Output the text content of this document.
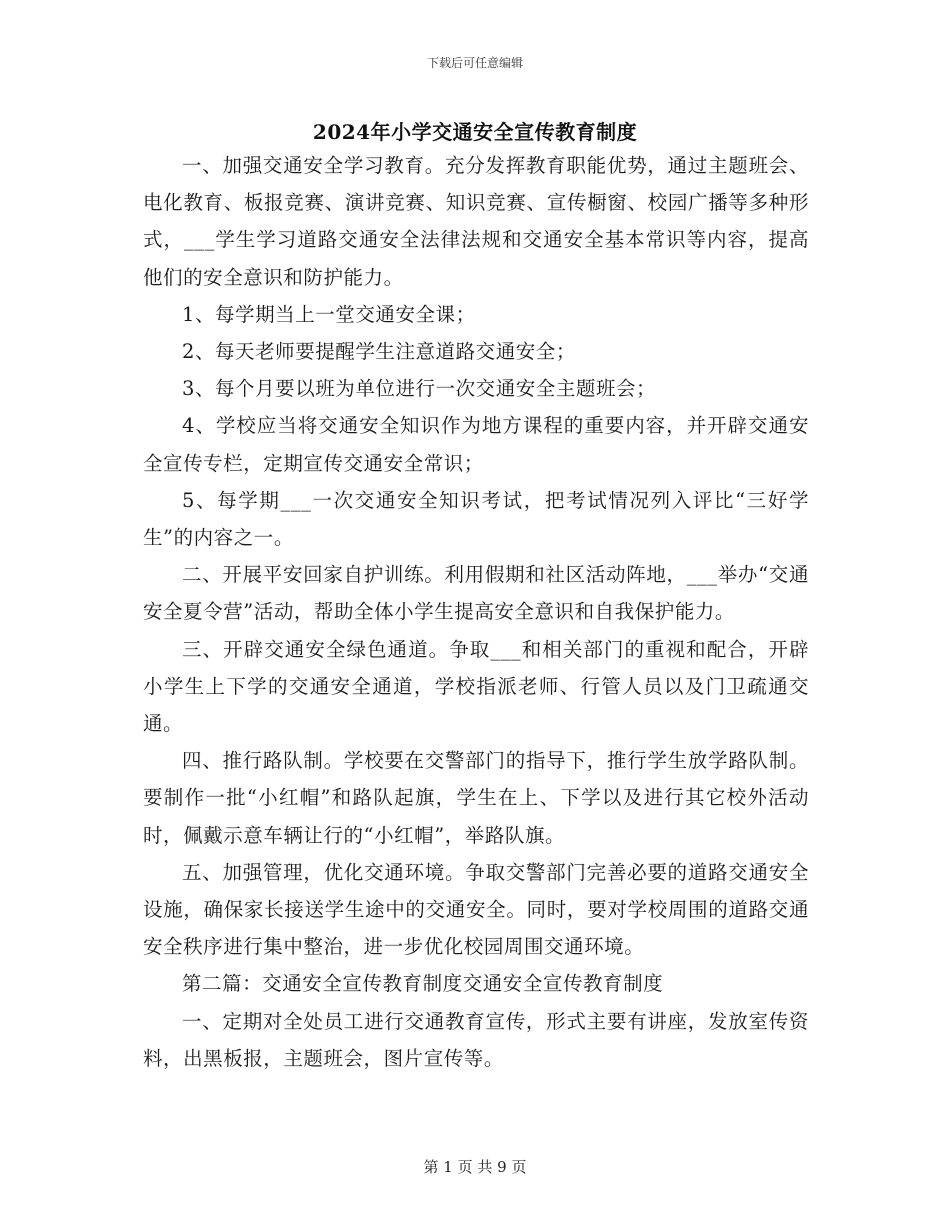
下载后可任意编辑
2024年小学交通安全宣传教育制度

一、加强交通安全学习教育。充分发挥教育职能优势，通过主题班会、电化教育、板报竞赛、演讲竞赛、知识竞赛、宣传橱窗、校园广播等多种形式，___学生学习道路交通安全法律法规和交通安全基本常识等内容，提高他们的安全意识和防护能力。

1、每学期当上一堂交通安全课；

2、每天老师要提醒学生注意道路交通安全；

3、每个月要以班为单位进行一次交通安全主题班会；

4、学校应当将交通安全知识作为地方课程的重要内容，并开辟交通安全宣传专栏，定期宣传交通安全常识；

5、每学期___一次交通安全知识考试，把考试情况列入评比“三好学生”的内容之一。

二、开展平安回家自护训练。利用假期和社区活动阵地，___举办“交通安全夏令营”活动，帮助全体小学生提高安全意识和自我保护能力。

三、开辟交通安全绿色通道。争取___和相关部门的重视和配合，开辟小学生上下学的交通安全通道，学校指派老师、行管人员以及门卫疏通交通。

四、推行路队制。学校要在交警部门的指导下，推行学生放学路队制。要制作一批“小红帽”和路队起旗，学生在上、下学以及进行其它校外活动时，佩戴示意车辆让行的“小红帽”，举路队旗。

五、加强管理，优化交通环境。争取交警部门完善必要的道路交通安全设施，确保家长接送学生途中的交通安全。同时，要对学校周围的道路交通安全秩序进行集中整治，进一步优化校园周围交通环境。

第二篇：交通安全宣传教育制度交通安全宣传教育制度

一、定期对全处员工进行交通教育宣传，形式主要有讲座，发放室传资料，出黑板报，主题班会，图片宣传等。

第 1 页 共 9 页
